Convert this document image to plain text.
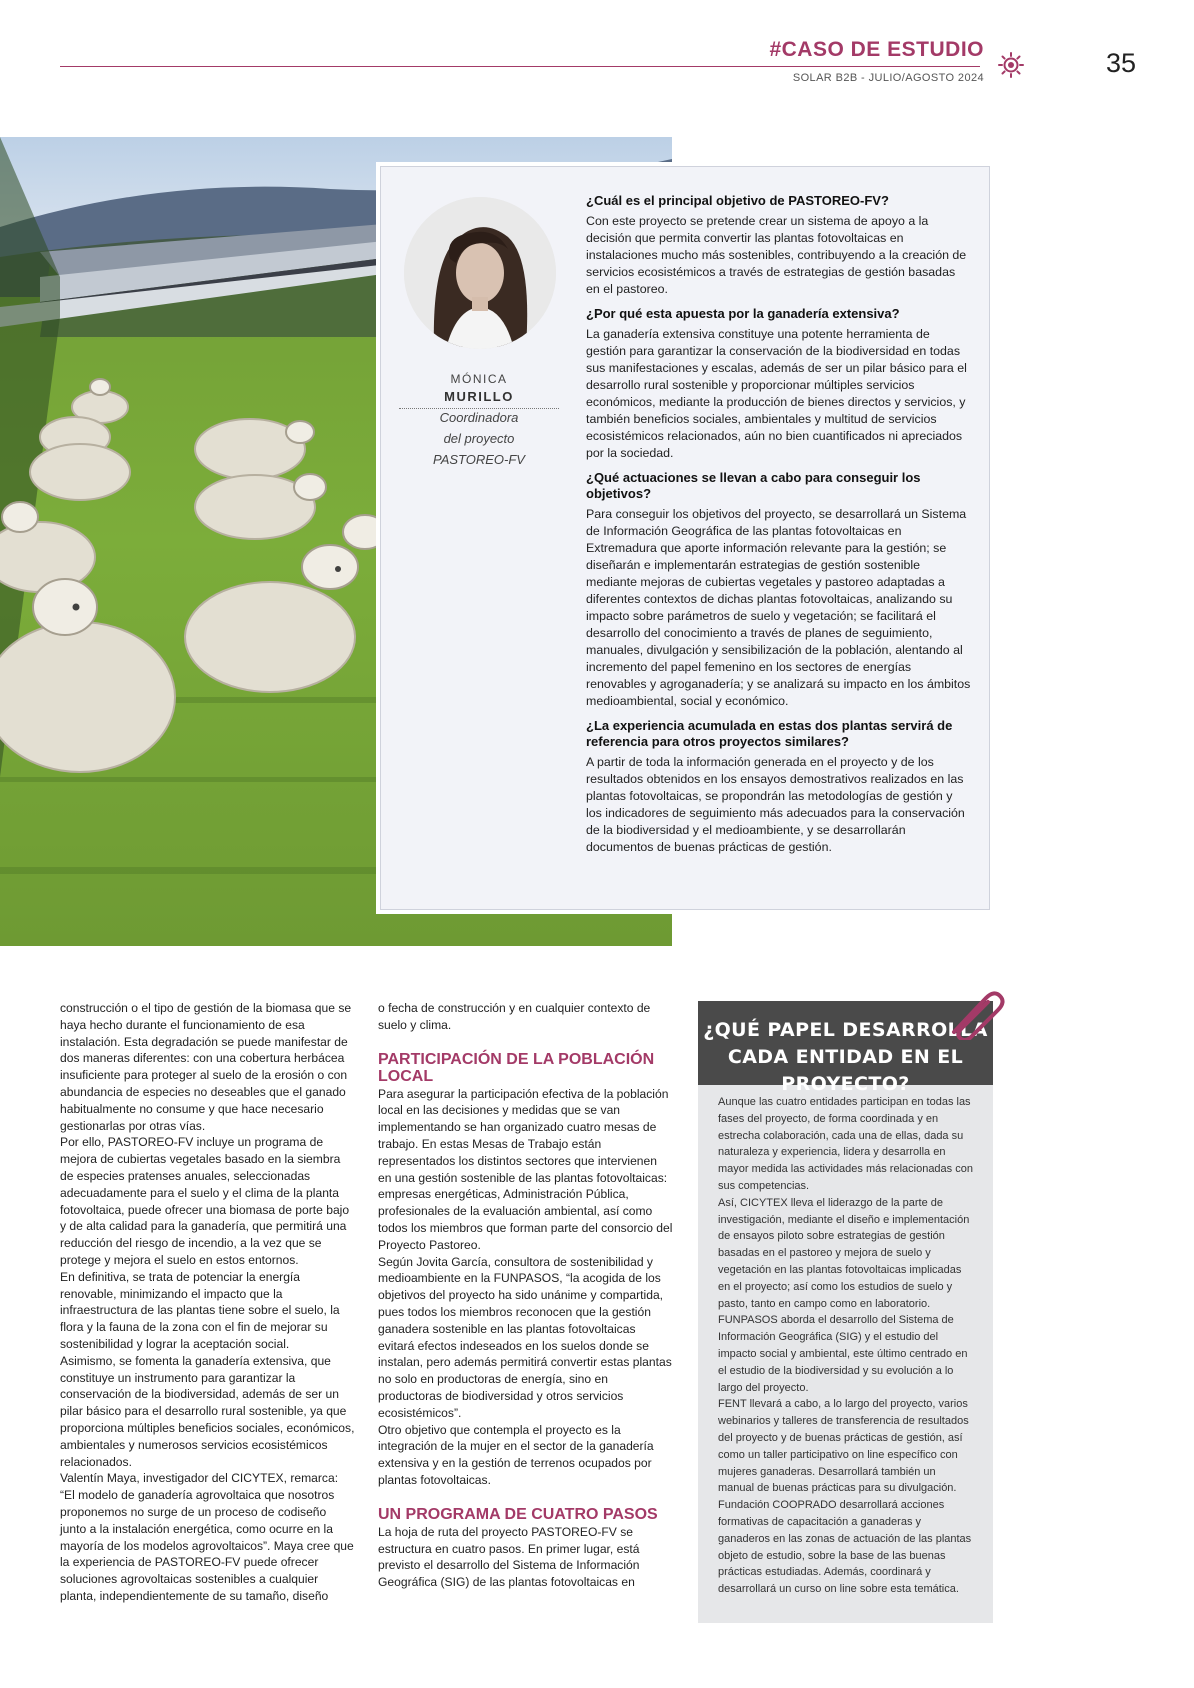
#CASO DE ESTUDIO
SOLAR B2B - JULIO/AGOSTO 2024	35
MÓNICA
MURILLO
Coordinadora
del proyecto
PASTOREO-FV

¿Cuál es el principal objetivo de PASTOREO-FV?

Con este proyecto se pretende crear un sistema de apoyo a la decisión que permita convertir las plantas fotovoltaicas en instalaciones mucho más sostenibles, contribuyendo a la creación de servicios ecosistémicos a través de estrategias de gestión basadas en el pastoreo.

¿Por qué esta apuesta por la ganadería extensiva?

La ganadería extensiva constituye una potente herramienta de gestión para garantizar la conservación de la biodiversidad en todas sus manifestaciones y escalas, además de ser un pilar básico para el desarrollo rural sostenible y proporcionar múltiples servicios económicos, mediante la producción de bienes directos y servicios, y también beneficios sociales, ambientales y multitud de servicios ecosistémicos relacionados, aún no bien cuantificados ni apreciados por la sociedad.

¿Qué actuaciones se llevan a cabo para conseguir los objetivos?

Para conseguir los objetivos del proyecto, se desarrollará un Sistema de Información Geográfica de las plantas fotovoltaicas en Extremadura que aporte información relevante para la gestión; se diseñarán e implementarán estrategias de gestión sostenible mediante mejoras de cubiertas vegetales y pastoreo adaptadas a diferentes contextos de dichas plantas fotovoltaicas, analizando su impacto sobre parámetros de suelo y vegetación; se facilitará el desarrollo del conocimiento a través de planes de seguimiento, manuales, divulgación y sensibilización de la población, alentando al incremento del papel femenino en los sectores de energías renovables y agroganadería; y se analizará su impacto en los ámbitos medioambiental, social y económico.

¿La experiencia acumulada en estas dos plantas servirá de referencia para otros proyectos similares?

A partir de toda la información generada en el proyecto y de los resultados obtenidos en los ensayos demostrativos realizados en las plantas fotovoltaicas, se propondrán las metodologías de gestión y los indicadores de seguimiento más adecuados para la conservación de la biodiversidad y el medioambiente, y se desarrollarán documentos de buenas prácticas de gestión.

construcción o el tipo de gestión de la biomasa que se haya hecho durante el funcionamiento de esa instalación. Esta degradación se puede manifestar de dos maneras diferentes: con una cobertura herbácea insuficiente para proteger al suelo de la erosión o con abundancia de especies no deseables que el ganado habitualmente no consume y que hace necesario gestionarlas por otras vías.

Por ello, PASTOREO-FV incluye un programa de mejora de cubiertas vegetales basado en la siembra de especies pratenses anuales, seleccionadas adecuadamente para el suelo y el clima de la planta fotovoltaica, puede ofrecer una biomasa de porte bajo y de alta calidad para la ganadería, que permitirá una reducción del riesgo de incendio, a la vez que se protege y mejora el suelo en estos entornos.

En definitiva, se trata de potenciar la energía renovable, minimizando el impacto que la infraestructura de las plantas tiene sobre el suelo, la flora y la fauna de la zona con el fin de mejorar su sostenibilidad y lograr la aceptación social.

Asimismo, se fomenta la ganadería extensiva, que constituye un instrumento para garantizar la conservación de la biodiversidad, además de ser un pilar básico para el desarrollo rural sostenible, ya que proporciona múltiples beneficios sociales, económicos, ambientales y numerosos servicios ecosistémicos relacionados.

Valentín Maya, investigador del CICYTEX, remarca: “El modelo de ganadería agrovoltaica que nosotros proponemos no surge de un proceso de codiseño junto a la instalación energética, como ocurre en la mayoría de los modelos agrovoltaicos”. Maya cree que la experiencia de PASTOREO-FV puede ofrecer soluciones agrovoltaicas sostenibles a cualquier planta, independientemente de su tamaño, diseño

o fecha de construcción y en cualquier contexto de suelo y clima.

PARTICIPACIÓN DE LA POBLACIÓN LOCAL

Para asegurar la participación efectiva de la población local en las decisiones y medidas que se van implementando se han organizado cuatro mesas de trabajo. En estas Mesas de Trabajo están representados los distintos sectores que intervienen en una gestión sostenible de las plantas fotovoltaicas: empresas energéticas, Administración Pública, profesionales de la evaluación ambiental, así como todos los miembros que forman parte del consorcio del Proyecto Pastoreo.

Según Jovita García, consultora de sostenibilidad y medioambiente en la FUNPASOS, “la acogida de los objetivos del proyecto ha sido unánime y compartida, pues todos los miembros reconocen que la gestión ganadera sostenible en las plantas fotovoltaicas evitará efectos indeseados en los suelos donde se instalan, pero además permitirá convertir estas plantas no solo en productoras de energía, sino en productoras de biodiversidad y otros servicios ecosistémicos”.

Otro objetivo que contempla el proyecto es la integración de la mujer en el sector de la ganadería extensiva y en la gestión de terrenos ocupados por plantas fotovoltaicas.

UN PROGRAMA DE CUATRO PASOS

La hoja de ruta del proyecto PASTOREO-FV se estructura en cuatro pasos. En primer lugar, está previsto el desarrollo del Sistema de Información Geográfica (SIG) de las plantas fotovoltaicas en

¿QUÉ PAPEL DESARROLLA
CADA ENTIDAD EN EL PROYECTO?

Aunque las cuatro entidades participan en todas las fases del proyecto, de forma coordinada y en estrecha colaboración, cada una de ellas, dada su naturaleza y experiencia, lidera y desarrolla en mayor medida las actividades más relacionadas con sus competencias.

Así, CICYTEX lleva el liderazgo de la parte de investigación, mediante el diseño e implementación de ensayos piloto sobre estrategias de gestión basadas en el pastoreo y mejora de suelo y vegetación en las plantas fotovoltaicas implicadas en el proyecto; así como los estudios de suelo y pasto, tanto en campo como en laboratorio.

FUNPASOS aborda el desarrollo del Sistema de Información Geográfica (SIG) y el estudio del impacto social y ambiental, este último centrado en el estudio de la biodiversidad y su evolución a lo largo del proyecto.

FENT llevará a cabo, a lo largo del proyecto, varios webinarios y talleres de transferencia de resultados del proyecto y de buenas prácticas de gestión, así como un taller participativo on line específico con mujeres ganaderas. Desarrollará también un manual de buenas prácticas para su divulgación.

Fundación COOPRADO desarrollará acciones formativas de capacitación a ganaderas y ganaderos en las zonas de actuación de las plantas objeto de estudio, sobre la base de las buenas prácticas estudiadas. Además, coordinará y desarrollará un curso on line sobre esta temática.
